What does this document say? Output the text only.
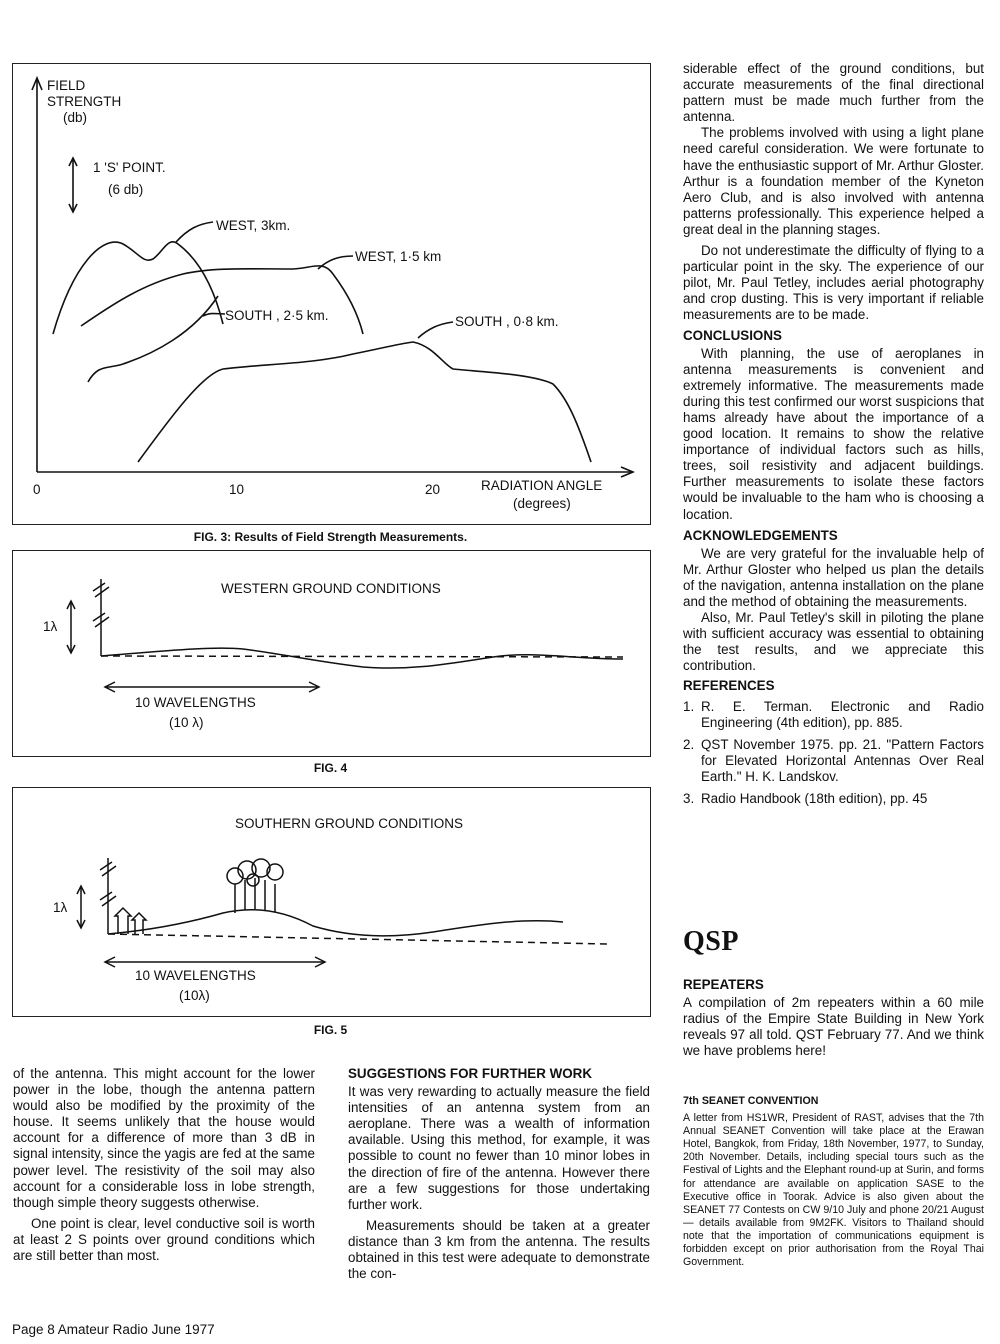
FIELD
STRENGTH
(db)
1 'S' POINT.
(6 db)
WEST, 3km.
WEST, 1·5 km
SOUTH , 2·5 km.	SOUTH , 0·8 km.
0	10	20	RADIATION ANGLE
(degrees)
FIG. 3: Results of Field Strength Measurements.
WESTERN GROUND CONDITIONS
1λ
10 WAVELENGTHS
(10 λ)
FIG. 4
SOUTHERN GROUND CONDITIONS
1λ
10 WAVELENGTHS
(10λ)
FIG. 5

siderable effect of the ground conditions, but accurate measurements of the final directional pattern must be made much further from the antenna.

The problems involved with using a light plane need careful consideration. We were fortunate to have the enthusiastic support of Mr. Arthur Gloster. Arthur is a foundation member of the Kyneton Aero Club, and is also involved with antenna patterns professionally. This experience helped a great deal in the planning stages.

Do not underestimate the difficulty of flying to a particular point in the sky. The experience of our pilot, Mr. Paul Tetley, includes aerial photography and crop dusting. This is very important if reliable measurements are to be made.

CONCLUSIONS

With planning, the use of aeroplanes in antenna measurements is convenient and extremely informative. The measurements made during this test confirmed our worst suspicions that hams already have about the importance of a good location. It remains to show the relative importance of individual factors such as hills, trees, soil resistivity and adjacent buildings. Further measurements to isolate these factors would be invaluable to the ham who is choosing a location.

ACKNOWLEDGEMENTS

We are very grateful for the invaluable help of Mr. Arthur Gloster who helped us plan the details of the navigation, antenna installation on the plane and the method of obtaining the measurements.

Also, Mr. Paul Tetley's skill in piloting the plane with sufficient accuracy was essential to obtaining the test results, and we appreciate this contribution.

REFERENCES
1. R. E. Terman. Electronic and Radio Engineering (4th edition), pp. 885.
2. QST November 1975. pp. 21. "Pattern Factors for Elevated Horizontal Antennas Over Real Earth." H. K. Landskov.
3. Radio Handbook (18th edition), pp. 45
QSP
REPEATERS

A compilation of 2m repeaters within a 60 mile radius of the Empire State Building in New York reveals 97 all told. QST February 77. And we think we have problems here!

7th SEANET CONVENTION

A letter from HS1WR, President of RAST, advises that the 7th Annual SEANET Convention will take place at the Erawan Hotel, Bangkok, from Friday, 18th November, 1977, to Sunday, 20th November. Details, including special tours such as the Festival of Lights and the Elephant round-up at Surin, and forms for attendance are available on application SASE to the Executive office in Toorak. Advice is also given about the SEANET 77 Contests on CW 9/10 July and phone 20/21 August — details available from 9M2FK. Visitors to Thailand should note that the importation of communications equipment is forbidden except on prior authorisation from the Royal Thai Government.

of the antenna. This might account for the lower power in the lobe, though the antenna pattern would also be modified by the proximity of the house. It seems unlikely that the house would account for a difference of more than 3 dB in signal intensity, since the yagis are fed at the same power level. The resistivity of the soil may also account for a considerable loss in lobe strength, though simple theory suggests otherwise.

One point is clear, level conductive soil is worth at least 2 S points over ground conditions which are still better than most.

SUGGESTIONS FOR FURTHER WORK

It was very rewarding to actually measure the field intensities of an antenna system from an aeroplane. There was a wealth of information available. Using this method, for example, it was possible to count no fewer than 10 minor lobes in the direction of fire of the antenna. However there are a few suggestions for those undertaking further work.

Measurements should be taken at a greater distance than 3 km from the antenna. The results obtained in this test were adequate to demonstrate the con-

Page 8 Amateur Radio June 1977
